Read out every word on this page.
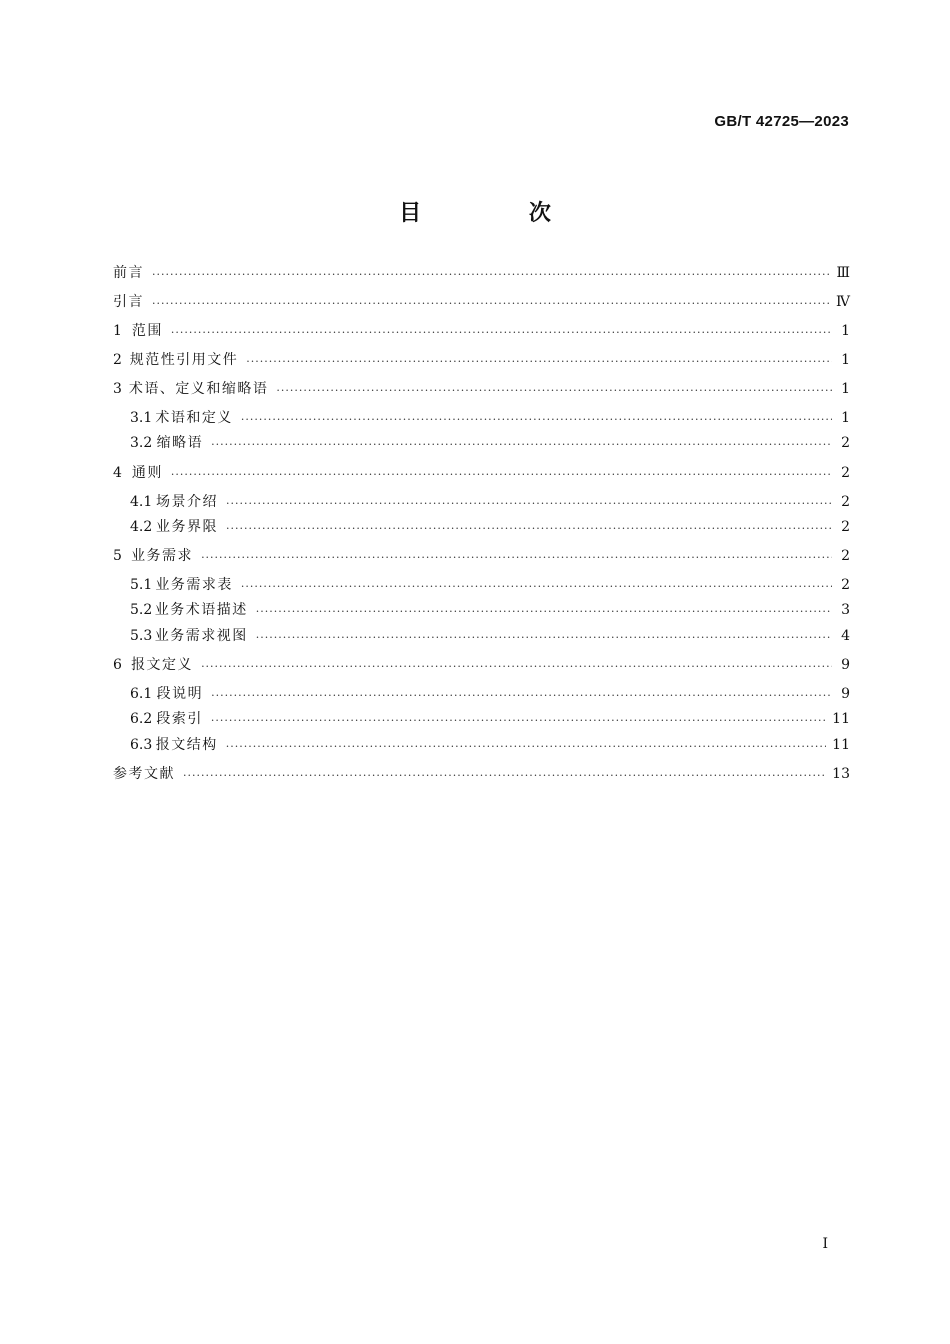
GB/T 42725—2023
目 次
前言 ·····	Ⅲ
引言 ·····	Ⅳ
1 范围 ·····	1
2 规范性引用文件 ·····	1
3 术语、定义和缩略语 ·····	1
3.1 术语和定义 ·····	1
3.2 缩略语 ·····	2
4 通则 ·····	2
4.1 场景介绍 ·····	2
4.2 业务界限 ·····	2
5 业务需求 ·····	2
5.1 业务需求表 ·····	2
5.2 业务术语描述 ·····	3
5.3 业务需求视图 ·····	4
6 报文定义 ·····	9
6.1 段说明 ·····	9
6.2 段索引 ·····	11
6.3 报文结构 ·····	11
参考文献 ·····	13
I
